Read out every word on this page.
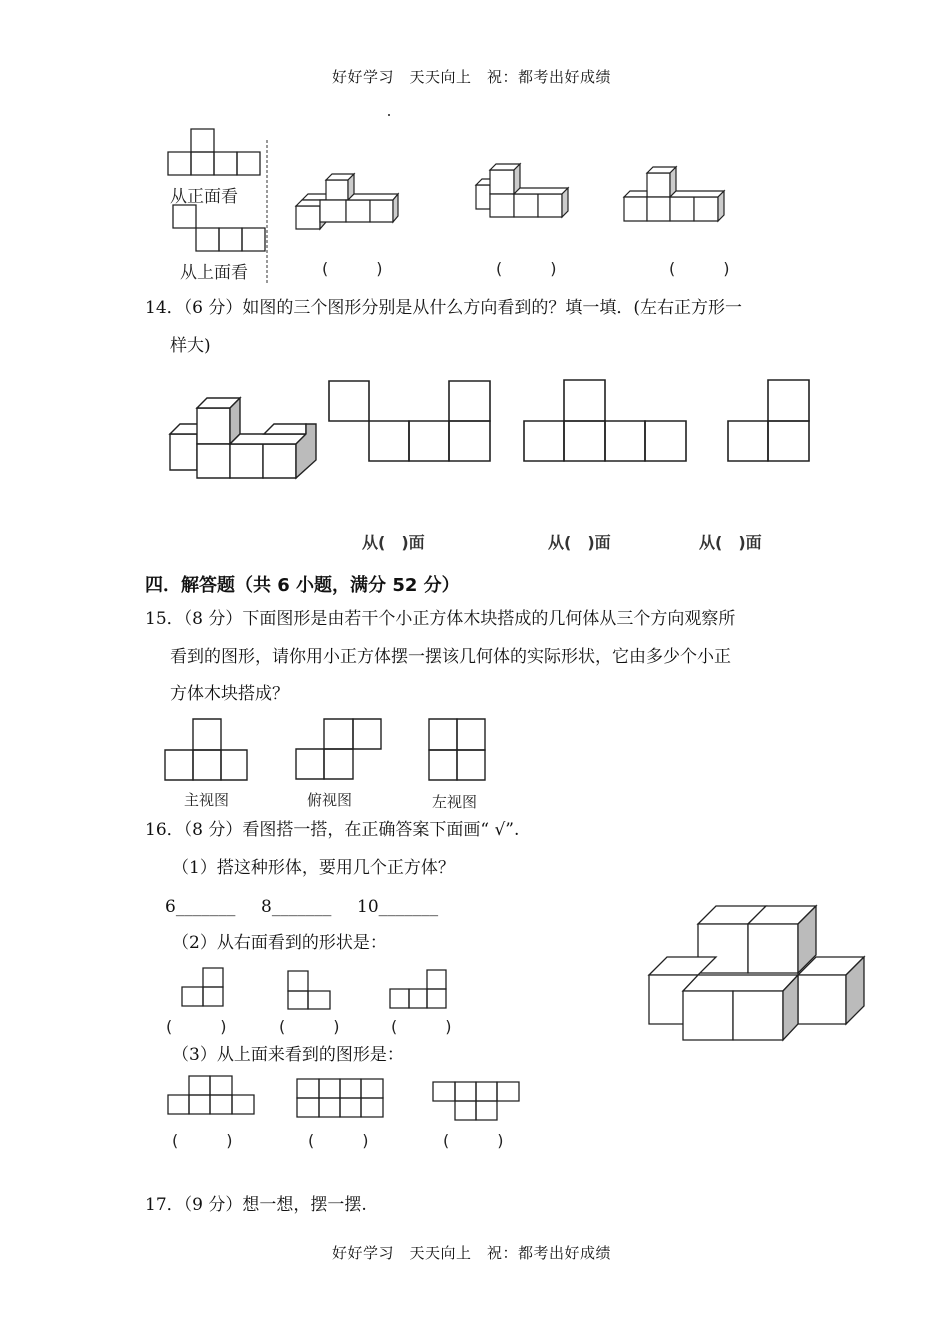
好好学习　天天向上　祝：都考出好成绩
从正面看
从上面看	(　　　)	(　　　)	(　　　)
14．（6 分）如图的三个图形分别是从什么方向看到的？填一填．(左右正方形一
样大)
从(　)面	从(　)面	从(　)面
四．解答题（共 6 小题，满分 52 分）
15．（8 分）下面图形是由若干个小正方体木块搭成的几何体从三个方向观察所
看到的图形，请你用小正方体摆一摆该几何体的实际形状，它由多少个小正
方体木块搭成？
主视图	俯视图	左视图
16．（8 分）看图搭一搭，在正确答案下面画“ √”.
（1）搭这种形体，要用几个正方体？
6_______ 8_______ 10_______
（2）从右面看到的形状是：
(　　　)	(　　　)	(　　　)
（3）从上面来看到的图形是：
(　　　)	(　　　)	(　　　)
17．（9 分）想一想，摆一摆.
好好学习　天天向上　祝：都考出好成绩
